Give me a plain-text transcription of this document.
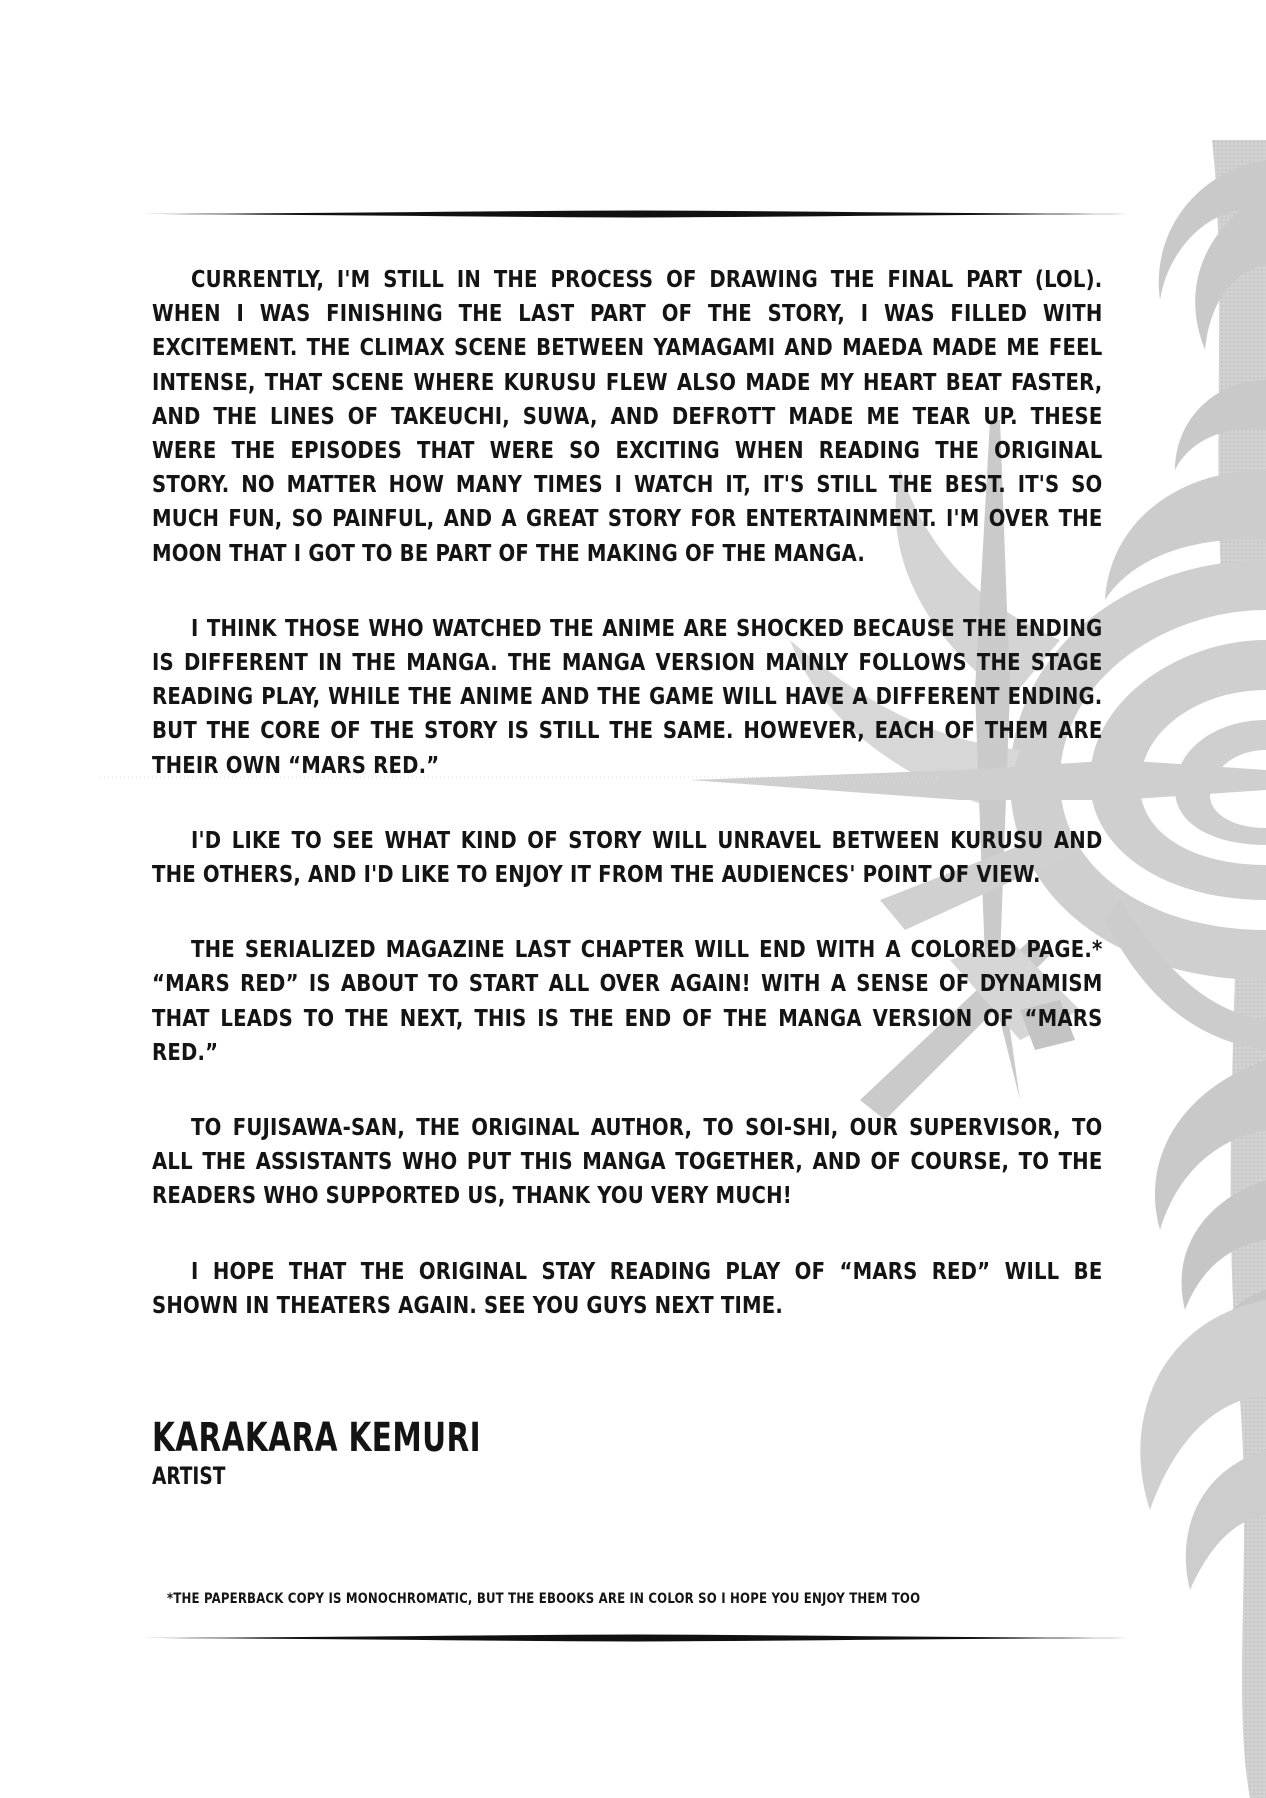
CURRENTLY, I'M STILL IN THE PROCESS OF DRAWING THE FINAL PART (LOL). WHEN I WAS FINISHING THE LAST PART OF THE STORY, I WAS FILLED WITH EXCITEMENT. THE CLIMAX SCENE BETWEEN YAMAGAMI AND MAEDA MADE ME FEEL INTENSE, THAT SCENE WHERE KURUSU FLEW ALSO MADE MY HEART BEAT FASTER, AND THE LINES OF TAKEUCHI, SUWA, AND DEFROTT MADE ME TEAR UP. THESE WERE THE EPISODES THAT WERE SO EXCITING WHEN READING THE ORIGINAL STORY. NO MATTER HOW MANY TIMES I WATCH IT, IT'S STILL THE BEST. IT'S SO MUCH FUN, SO PAINFUL, AND A GREAT STORY FOR ENTERTAINMENT. I'M OVER THE MOON THAT I GOT TO BE PART OF THE MAKING OF THE MANGA.

I THINK THOSE WHO WATCHED THE ANIME ARE SHOCKED BECAUSE THE ENDING IS DIFFERENT IN THE MANGA. THE MANGA VERSION MAINLY FOLLOWS THE STAGE READING PLAY, WHILE THE ANIME AND THE GAME WILL HAVE A DIFFERENT ENDING. BUT THE CORE OF THE STORY IS STILL THE SAME. HOWEVER, EACH OF THEM ARE THEIR OWN “MARS RED.”

I'D LIKE TO SEE WHAT KIND OF STORY WILL UNRAVEL BETWEEN KURUSU AND THE OTHERS, AND I'D LIKE TO ENJOY IT FROM THE AUDIENCES' POINT OF VIEW.

THE SERIALIZED MAGAZINE LAST CHAPTER WILL END WITH A COLORED PAGE.* “MARS RED” IS ABOUT TO START ALL OVER AGAIN! WITH A SENSE OF DYNAMISM THAT LEADS TO THE NEXT, THIS IS THE END OF THE MANGA VERSION OF “MARS RED.”

TO FUJISAWA-SAN, THE ORIGINAL AUTHOR, TO SOI-SHI, OUR SUPERVISOR, TO ALL THE ASSISTANTS WHO PUT THIS MANGA TOGETHER, AND OF COURSE, TO THE READERS WHO SUPPORTED US, THANK YOU VERY MUCH!

I HOPE THAT THE ORIGINAL STAY READING PLAY OF “MARS RED” WILL BE SHOWN IN THEATERS AGAIN. SEE YOU GUYS NEXT TIME.

KARAKARA KEMURI
ARTIST
*THE PAPERBACK COPY IS MONOCHROMATIC, BUT THE EBOOKS ARE IN COLOR SO I HOPE YOU ENJOY THEM TOO
